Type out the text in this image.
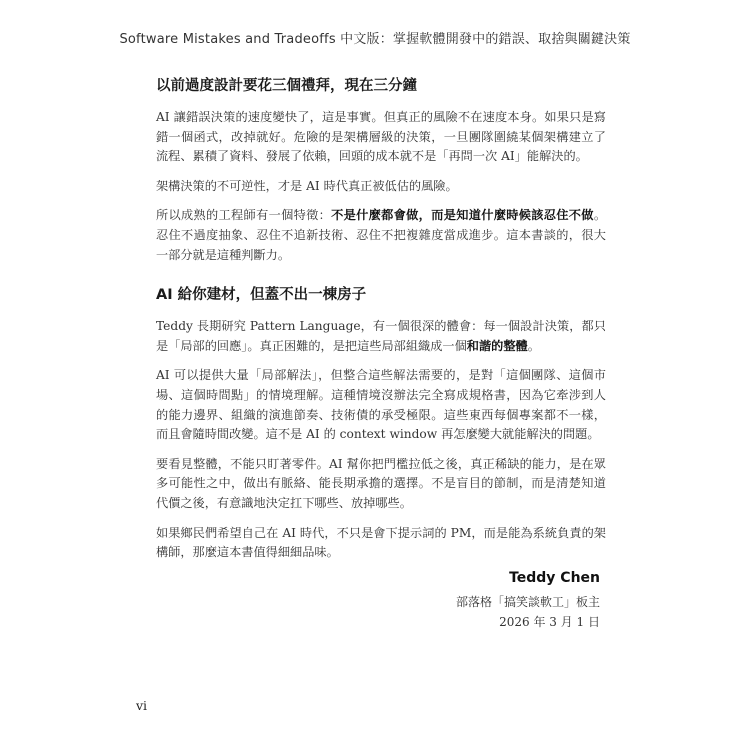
Software Mistakes and Tradeoffs 中文版：掌握軟體開發中的錯誤、取捨與關鍵決策
以前過度設計要花三個禮拜，現在三分鐘

AI 讓錯誤決策的速度變快了，這是事實。但真正的風險不在速度本身。如果只是寫錯一個函式，改掉就好。危險的是架構層級的決策，一旦團隊圍繞某個架構建立了流程、累積了資料、發展了依賴，回頭的成本就不是「再問一次 AI」能解決的。

架構決策的不可逆性，才是 AI 時代真正被低估的風險。

所以成熟的工程師有一個特徵：不是什麼都會做，而是知道什麼時候該忍住不做。忍住不過度抽象、忍住不追新技術、忍住不把複雜度當成進步。這本書談的，很大一部分就是這種判斷力。

AI 給你建材，但蓋不出一棟房子

Teddy 長期研究 Pattern Language，有一個很深的體會：每一個設計決策，都只是「局部的回應」。真正困難的，是把這些局部組織成一個和諧的整體。

AI 可以提供大量「局部解法」，但整合這些解法需要的，是對「這個團隊、這個市場、這個時間點」的情境理解。這種情境沒辦法完全寫成規格書，因為它牽涉到人的能力邊界、組織的演進節奏、技術債的承受極限。這些東西每個專案都不一樣，而且會隨時間改變。這不是 AI 的 context window 再怎麼變大就能解決的問題。

要看見整體，不能只盯著零件。AI 幫你把門檻拉低之後，真正稀缺的能力，是在眾多可能性之中，做出有脈絡、能長期承擔的選擇。不是盲目的節制，而是清楚知道代價之後，有意識地決定扛下哪些、放掉哪些。

如果鄉民們希望自己在 AI 時代，不只是會下提示詞的 PM，而是能為系統負責的架構師，那麼這本書值得細細品味。

Teddy Chen
部落格「搞笑談軟工」板主
2026 年 3 月 1 日
vi
